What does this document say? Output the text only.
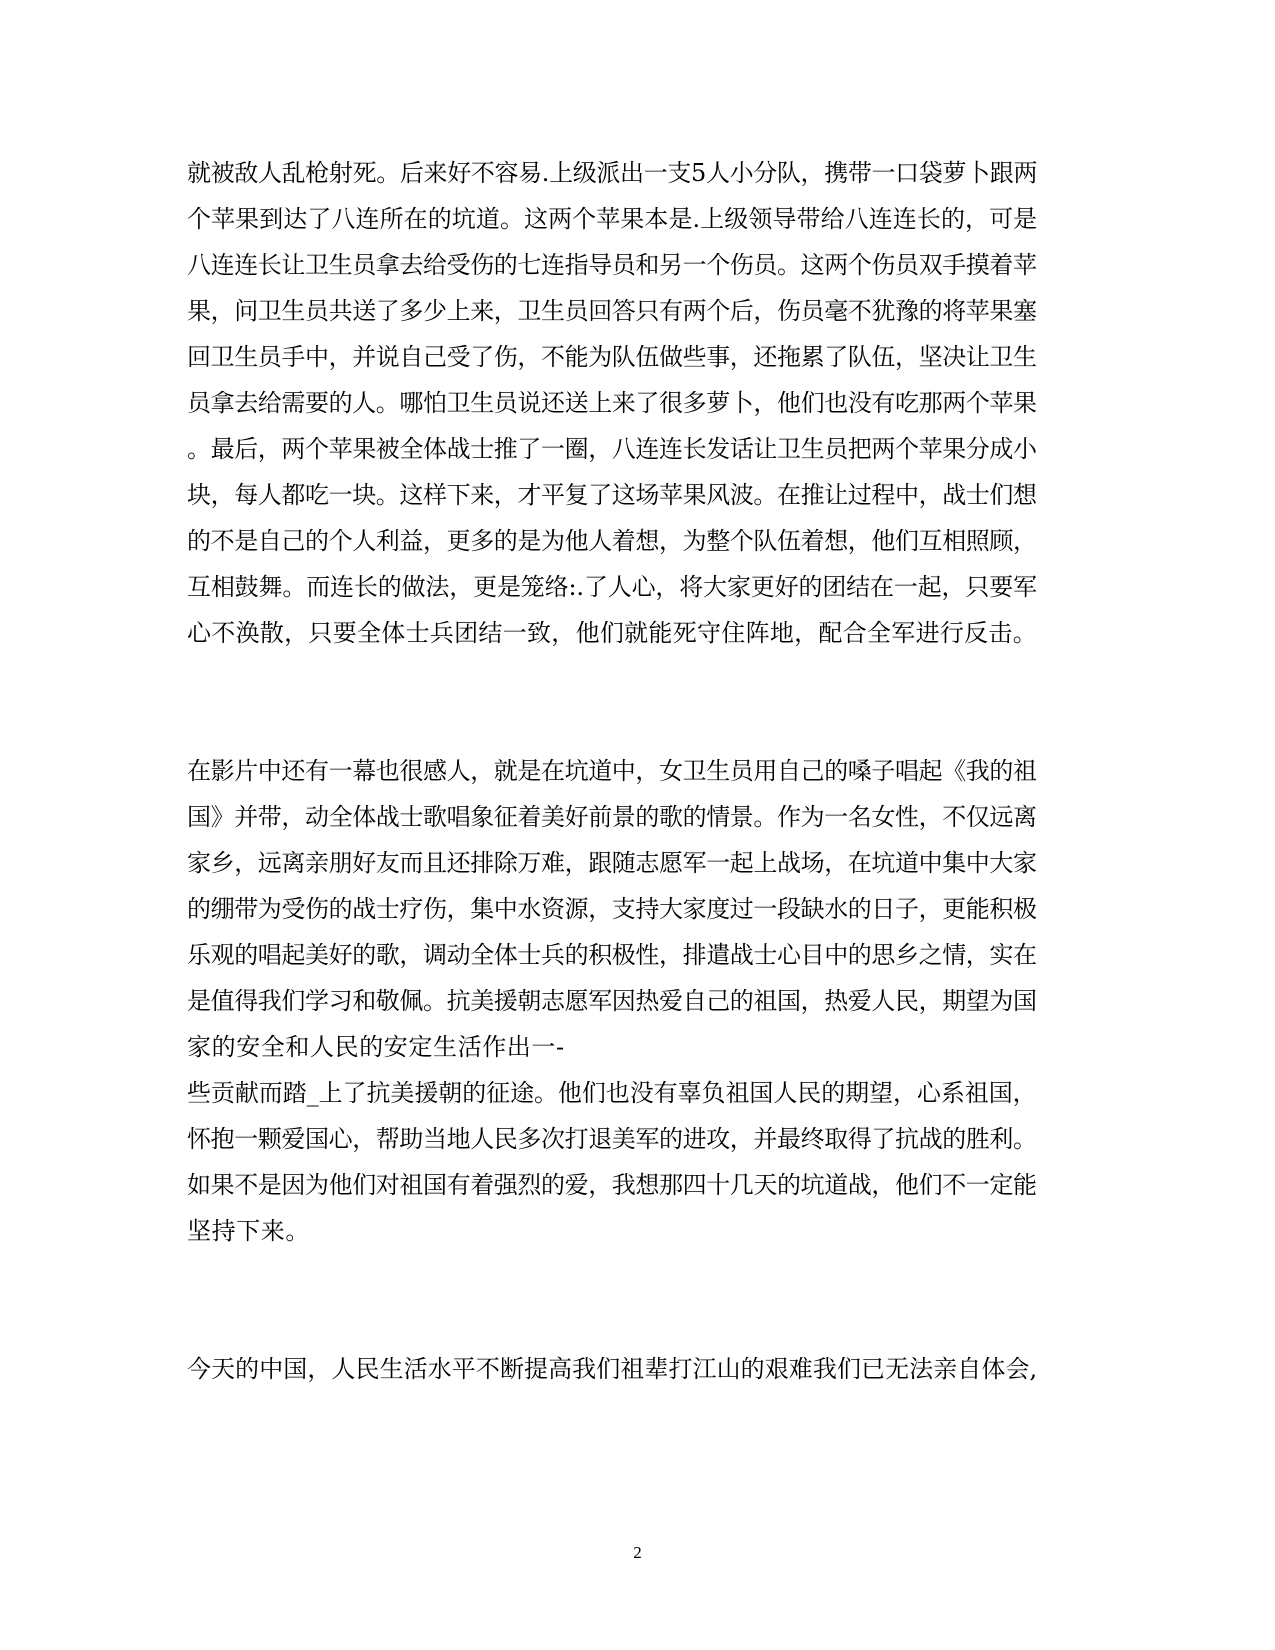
就被敌人乱枪射死。后来好不容易.上级派出一支5人小分队，携带一口袋萝卜跟两
个苹果到达了八连所在的坑道。这两个苹果本是.上级领导带给八连连长的，可是
八连连长让卫生员拿去给受伤的七连指导员和另一个伤员。这两个伤员双手摸着苹
果，问卫生员共送了多少上来，卫生员回答只有两个后，伤员毫不犹豫的将苹果塞
回卫生员手中，并说自己受了伤，不能为队伍做些事，还拖累了队伍，坚决让卫生
员拿去给需要的人。哪怕卫生员说还送上来了很多萝卜，他们也没有吃那两个苹果
。最后，两个苹果被全体战士推了一圈，八连连长发话让卫生员把两个苹果分成小
块，每人都吃一块。这样下来，才平复了这场苹果风波。在推让过程中，战士们想
的不是自己的个人利益，更多的是为他人着想，为整个队伍着想，他们互相照顾，
互相鼓舞。而连长的做法，更是笼络:.了人心，将大家更好的团结在一起，只要军
心不涣散，只要全体士兵团结一致，他们就能死守住阵地，配合全军进行反击。
在影片中还有一幕也很感人，就是在坑道中，女卫生员用自己的嗓子唱起《我的祖
国》并带，动全体战士歌唱象征着美好前景的歌的情景。作为一名女性，不仅远离
家乡，远离亲朋好友而且还排除万难，跟随志愿军一起上战场，在坑道中集中大家
的绷带为受伤的战士疗伤，集中水资源，支持大家度过一段缺水的日子，更能积极
乐观的唱起美好的歌，调动全体士兵的积极性，排遣战士心目中的思乡之情，实在
是值得我们学习和敬佩。抗美援朝志愿军因热爱自己的祖国，热爱人民，期望为国
家的安全和人民的安定生活作出一-
些贡献而踏_上了抗美援朝的征途。他们也没有辜负祖国人民的期望，心系祖国，
怀抱一颗爱国心，帮助当地人民多次打退美军的进攻，并最终取得了抗战的胜利。
如果不是因为他们对祖国有着强烈的爱，我想那四十几天的坑道战，他们不一定能
坚持下来。
今天的中国，人民生活水平不断提高我们祖辈打江山的艰难我们已无法亲自体会,
2
